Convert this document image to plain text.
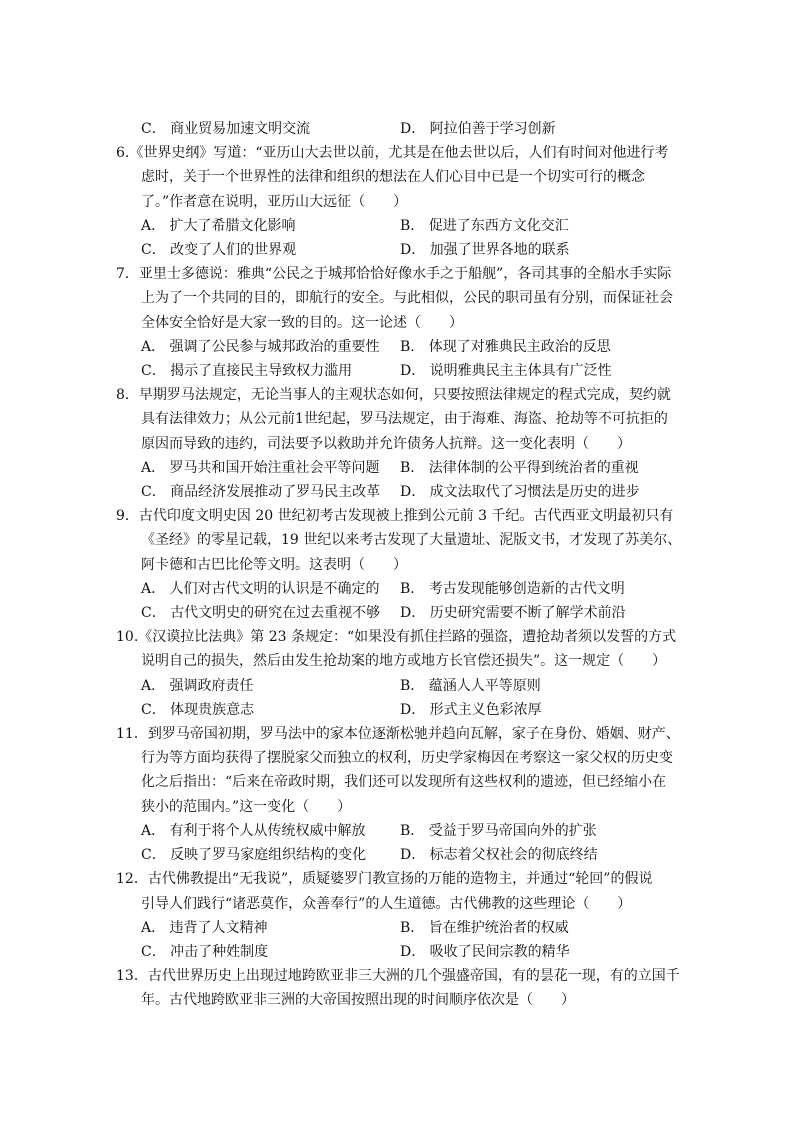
C． 商业贸易加速文明交流	D． 阿拉伯善于学习创新
6.《世界史纲》写道：“亚历山大去世以前，尤其是在他去世以后，人们有时间对他进行考
虑时，关于一个世界性的法律和组织的想法在人们心目中已是一个切实可行的概念
了。”作者意在说明，亚历山大远征（　　）
A． 扩大了希腊文化影响	B． 促进了东西方文化交汇
C． 改变了人们的世界观	D． 加强了世界各地的联系
7．亚里士多德说：雅典“公民之于城邦恰恰好像水手之于船舰”，各司其事的全船水手实际
上为了一个共同的目的，即航行的安全。与此相似，公民的职司虽有分别，而保证社会
全体安全恰好是大家一致的目的。这一论述（　　）
A． 强调了公民参与城邦政治的重要性	B． 体现了对雅典民主政治的反思
C． 揭示了直接民主导致权力滥用	D． 说明雅典民主主体具有广泛性
8．早期罗马法规定，无论当事人的主观状态如何，只要按照法律规定的程式完成，契约就
具有法律效力；从公元前1世纪起，罗马法规定，由于海难、海盗、抢劫等不可抗拒的
原因而导致的违约，司法要予以救助并允许债务人抗辩。这一变化表明（　　）
A． 罗马共和国开始注重社会平等问题	B． 法律体制的公平得到统治者的重视
C． 商品经济发展推动了罗马民主改革	D． 成文法取代了习惯法是历史的进步
9．古代印度文明史因 20 世纪初考古发现被上推到公元前 3 千纪。古代西亚文明最初只有
《圣经》的零星记载，19 世纪以来考古发现了大量遗址、泥版文书，才发现了苏美尔、
阿卡德和古巴比伦等文明。这表明（　　）
A． 人们对古代文明的认识是不确定的	B． 考古发现能够创造新的古代文明
C． 古代文明史的研究在过去重视不够	D． 历史研究需要不断了解学术前沿
10.《汉谟拉比法典》第 23 条规定：“如果没有抓住拦路的强盗，遭抢劫者须以发誓的方式
说明自己的损失，然后由发生抢劫案的地方或地方长官偿还损失”。这一规定（　　）
A． 强调政府责任	B． 蕴涵人人平等原则
C． 体现贵族意志	D． 形式主义色彩浓厚
11．到罗马帝国初期，罗马法中的家本位逐渐松驰并趋向瓦解，家子在身份、婚姻、财产、
行为等方面均获得了摆脱家父而独立的权利，历史学家梅因在考察这一家父权的历史变
化之后指出：“后来在帝政时期，我们还可以发现所有这些权利的遗迹，但已经缩小在
狭小的范围内。”这一变化（　　）
A． 有利于将个人从传统权威中解放	B． 受益于罗马帝国向外的扩张
C． 反映了罗马家庭组织结构的变化	D． 标志着父权社会的彻底终结
12．古代佛教提出“无我说”，质疑婆罗门教宣扬的万能的造物主，并通过“轮回”的假说
引导人们践行“诸恶莫作，众善奉行”的人生道德。古代佛教的这些理论（　　）
A． 违背了人文精神	B． 旨在维护统治者的权威
C． 冲击了种姓制度	D． 吸收了民间宗教的精华
13．古代世界历史上出现过地跨欧亚非三大洲的几个强盛帝国，有的昙花一现，有的立国千
年。古代地跨欧亚非三洲的大帝国按照出现的时间顺序依次是（　　）
